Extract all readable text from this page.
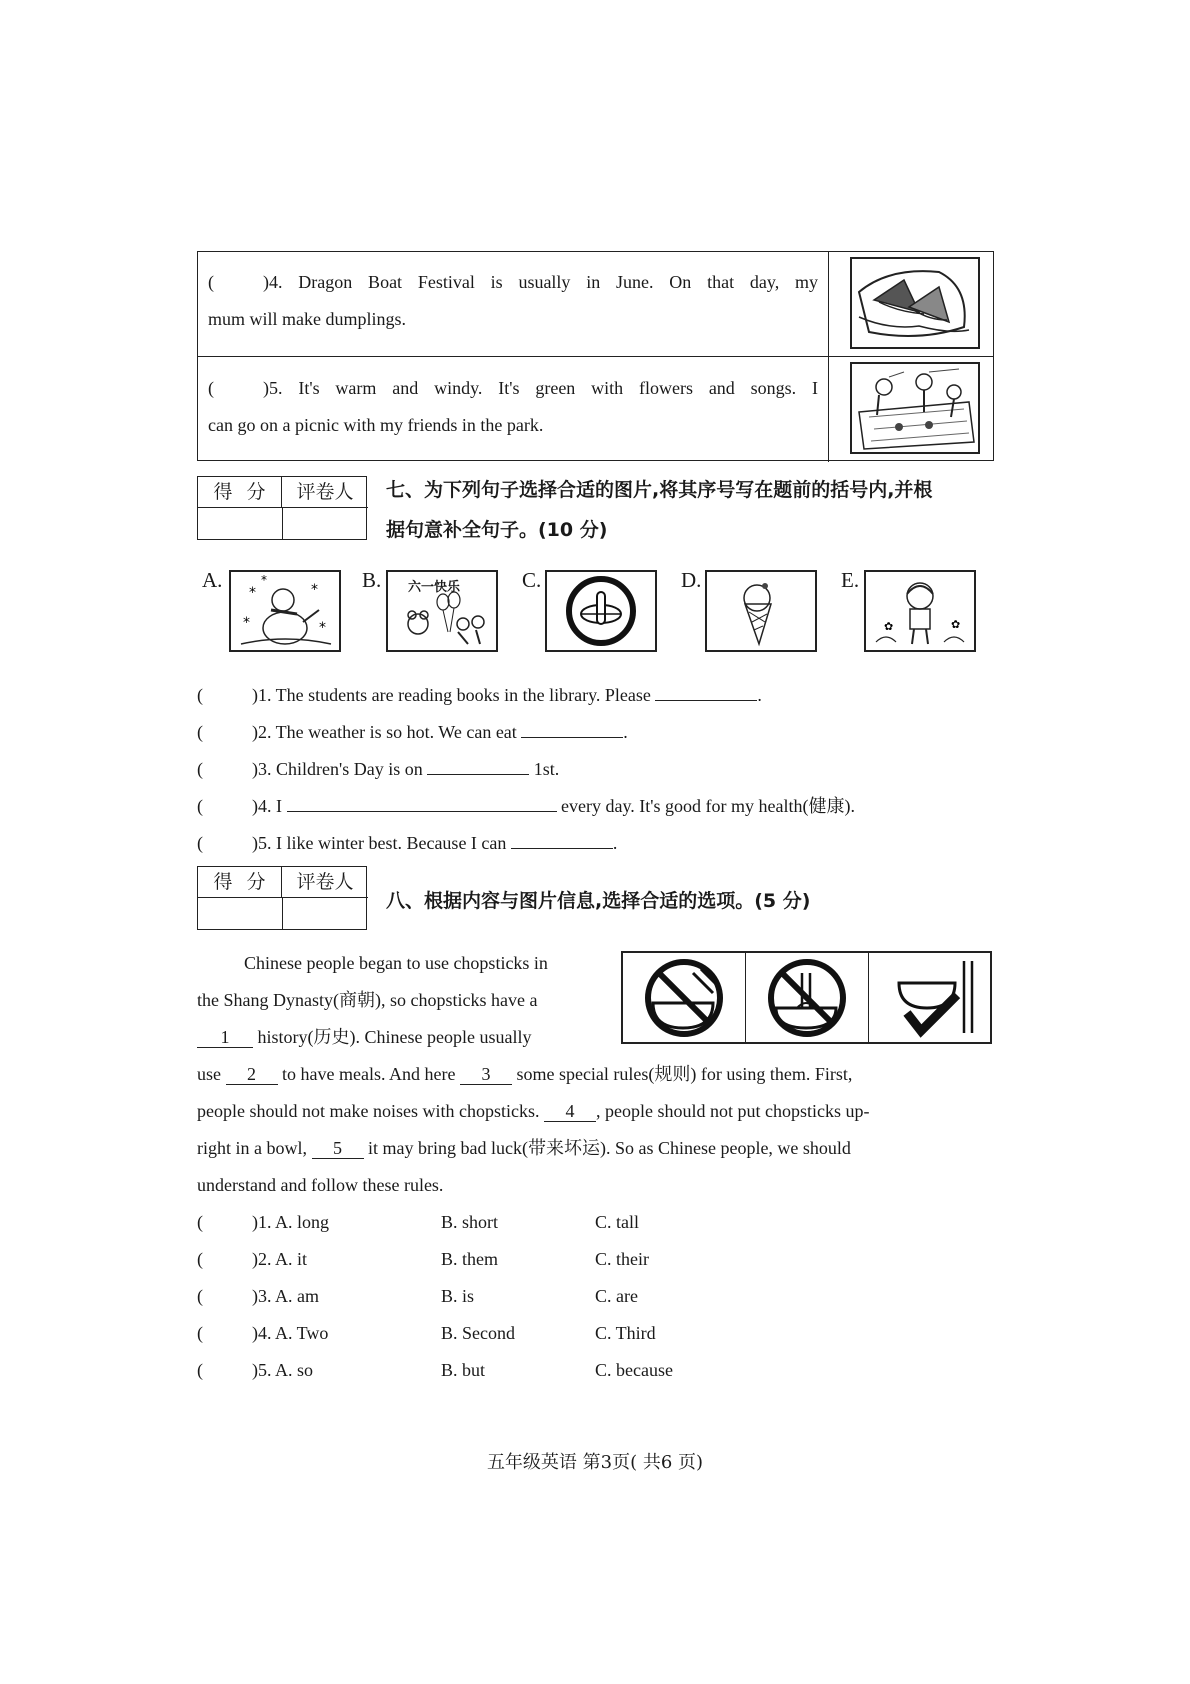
(	)4. Dragon Boat Festival is usually in June. On that day, my
mum will make dumplings.
(	)5. It's warm and windy. It's green with flowers and songs. I
can go on a picnic with my friends in the park.
得分 评卷人	七、为下列句子选择合适的图片,将其序号写在题前的括号内,并根
据句意补全句子。(10 分)
A.
*	*
*	*
*	B. 六一快乐	C.	D.	E.
✿	✿
(	)1. The students are reading books in the library. Please	.
(	)2. The weather is so hot. We can eat	.
(	)3. Children's Day is on	1st.
(	)4. I	every day. It's good for my health(健康).
(	)5. I like winter best. Because I can	.
得分 评卷人
八、根据内容与图片信息,选择合适的选项。(5 分)
Chinese people began to use chopsticks in
the Shang Dynasty(商朝), so chopsticks have a
1 history(历史). Chinese people usually
use 2 to have meals. And here 3 some special rules(规则) for using them. First,
people should not make noises with chopsticks. 4 , people should not put chopsticks up-
right in a bowl, 5 it may bring bad luck(带来坏运). So as Chinese people, we should
understand and follow these rules.
(	)1. A. long	B. short	C. tall
(	)2. A. it	B. them	C. their
(	)3. A. am	B. is	C. are
(	)4. A. Two	B. Second	C. Third
(	)5. A. so	B. but	C. because
五年级英语 第3页( 共6 页)
